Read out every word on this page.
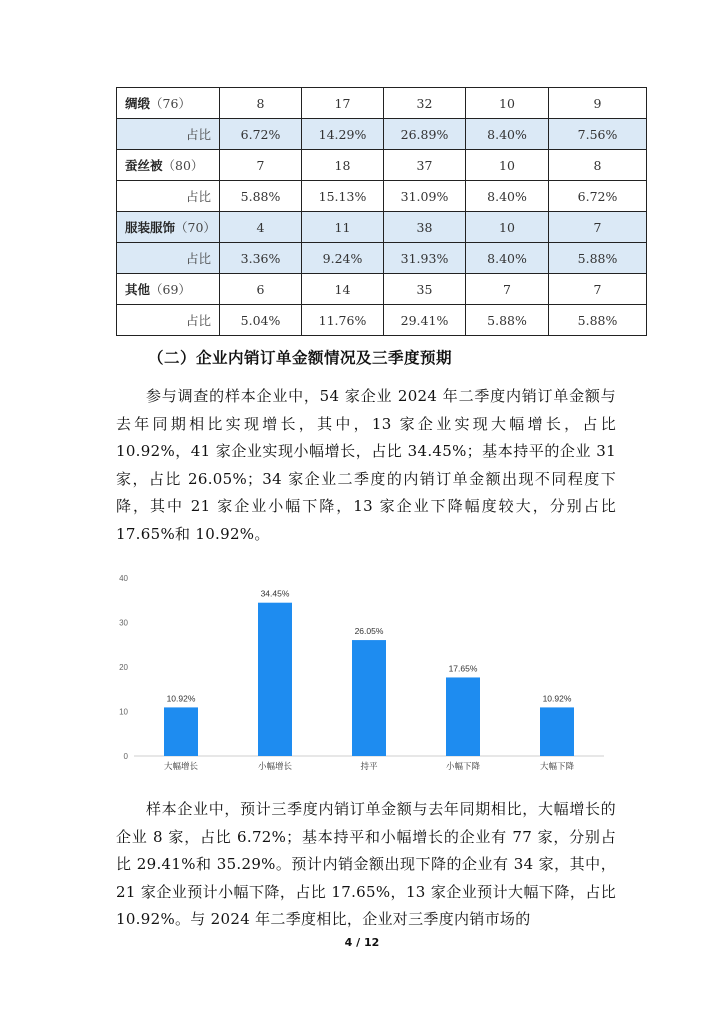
绸缎（76）	8	17	32	10	9
占比	6.72%	14.29%	26.89%	8.40%	7.56%
蚕丝被（80）	7	18	37	10	8
占比	5.88%	15.13%	31.09%	8.40%	6.72%
服装服饰（70）	4	11	38	10	7
占比	3.36%	9.24%	31.93%	8.40%	5.88%
其他（69）	6	14	35	7	7
占比	5.04%	11.76%	29.41%	5.88%	5.88%
（二）企业内销订单金额情况及三季度预期

参与调查的样本企业中，54 家企业 2024 年二季度内销订单金额与去年同期相比实现增长，其中，13 家企业实现大幅增长，占比 10.92%，41 家企业实现小幅增长，占比 34.45%；基本持平的企业 31 家，占比 26.05%；34 家企业二季度的内销订单金额出现不同程度下降，其中 21 家企业小幅下降，13 家企业下降幅度较大，分别占比 17.65%和 10.92%。

0
10
20
30
40
10.92%
大幅增长
34.45%
小幅增长
26.05%
持平
17.65%
小幅下降
10.92%
大幅下降

样本企业中，预计三季度内销订单金额与去年同期相比，大幅增长的企业 8 家，占比 6.72%；基本持平和小幅增长的企业有 77 家，分别占比 29.41%和 35.29%。预计内销金额出现下降的企业有 34 家，其中，21 家企业预计小幅下降，占比 17.65%，13 家企业预计大幅下降，占比 10.92%。与 2024 年二季度相比，企业对三季度内销市场的

4 / 12
